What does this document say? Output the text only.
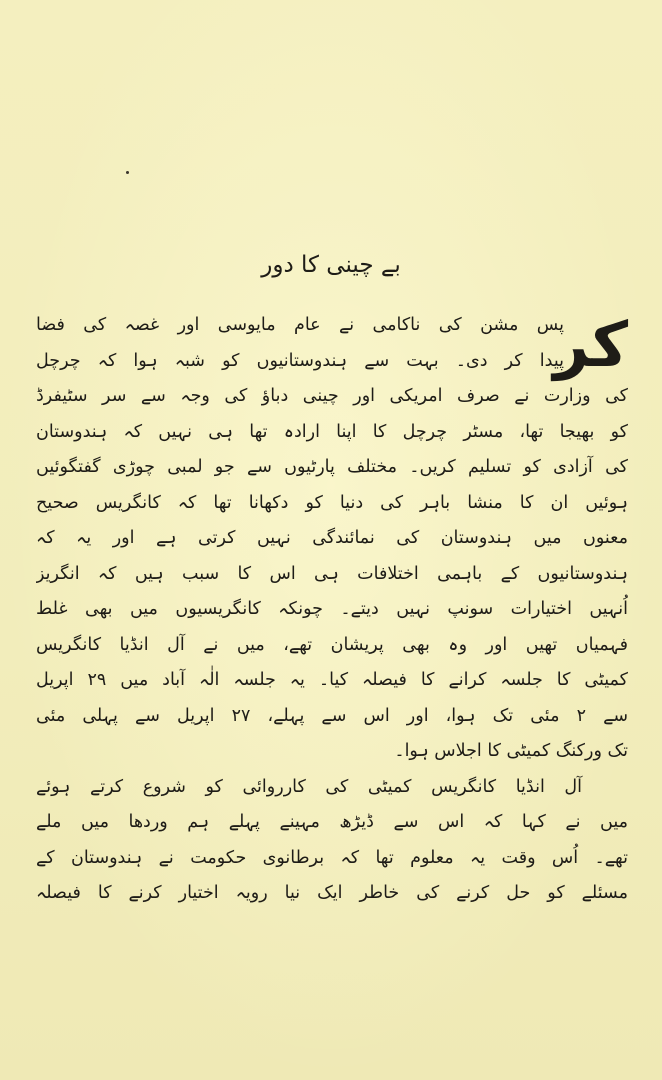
بے چینی کا دور
کر
پس مشن کی ناکامی نے عام مایوسی اور غصہ کی فضا
پیدا کر دی۔ بہت سے ہندوستانیوں کو شبہ ہوا کہ چرچل
کی وزارت نے صرف امریکی اور چینی دباؤ کی وجہ سے سر سٹیفرڈ
کو بھیجا تھا، مسٹر چرچل کا اپنا ارادہ تھا ہی نہیں کہ ہندوستان
کی آزادی کو تسلیم کریں۔ مختلف پارٹیوں سے جو لمبی چوڑی گفتگوئیں
ہوئیں ان کا منشا باہر کی دنیا کو دکھانا تھا کہ کانگریس صحیح
معنوں میں ہندوستان کی نمائندگی نہیں کرتی ہے اور یہ کہ
ہندوستانیوں کے باہمی اختلافات ہی اس کا سبب ہیں کہ انگریز
اُنہیں اختیارات سونپ نہیں دیتے۔ چونکہ کانگریسیوں میں بھی غلط
فہمیاں تھیں اور وہ بھی پریشان تھے، میں نے آل انڈیا کانگریس
کمیٹی کا جلسہ کرانے کا فیصلہ کیا۔ یہ جلسہ الٰہ آباد میں ۲۹ اپریل
سے ۲ مئی تک ہوا، اور اس سے پہلے، ۲۷ اپریل سے پہلی مئی
تک ورکنگ کمیٹی کا اجلاس ہوا۔
آل انڈیا کانگریس کمیٹی کی کارروائی کو شروع کرتے ہوئے
میں نے کہا کہ اس سے ڈیڑھ مہینے پہلے ہم وردھا میں ملے
تھے۔ اُس وقت یہ معلوم تھا کہ برطانوی حکومت نے ہندوستان کے
مسئلے کو حل کرنے کی خاطر ایک نیا رویہ اختیار کرنے کا فیصلہ
